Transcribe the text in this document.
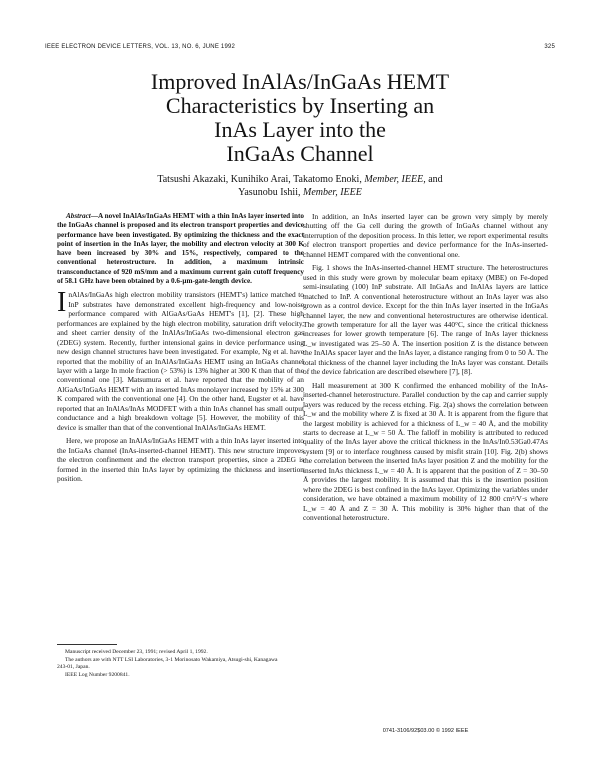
IEEE ELECTRON DEVICE LETTERS, VOL. 13, NO. 6, JUNE 1992	325
Improved InAlAs/InGaAs HEMT
Characteristics by Inserting an
InAs Layer into the
InGaAs Channel
Tatsushi Akazaki, Kunihiko Arai, Takatomo Enoki, Member, IEEE, and
Yasunobu Ishii, Member, IEEE

Abstract—A novel InAlAs/InGaAs HEMT with a thin InAs layer inserted into the InGaAs channel is proposed and its electron transport properties and device performance have been investigated. By optimizing the thickness and the exact point of insertion in the InAs layer, the mobility and electron velocity at 300 K have been increased by 30% and 15%, respectively, compared to the conventional heterostructure. In addition, a maximum intrinsic transconductance of 920 mS/mm and a maximum current gain cutoff frequency of 58.1 GHz have been obtained by a 0.6-μm-gate-length device.

InAlAs/InGaAs high electron mobility transistors (HEMT's) lattice matched to InP substrates have demonstrated excellent high-frequency and low-noise performance compared with AlGaAs/GaAs HEMT's [1], [2]. These high performances are explained by the high electron mobility, saturation drift velocity, and sheet carrier density of the InAlAs/InGaAs two-dimensional electron gas (2DEG) system. Recently, further intensional gains in device performance using new design channel structures have been investigated. For example, Ng et al. have reported that the mobility of an InAlAs/InGaAs HEMT using an InGaAs channel layer with a large In mole fraction (> 53%) is 13% higher at 300 K than that of the conventional one [3]. Matsumura et al. have reported that the mobility of an AlGaAs/InGaAs HEMT with an inserted InAs monolayer increased by 15% at 300 K compared with the conventional one [4]. On the other hand, Eugster et al. have reported that an InAlAs/InAs MODFET with a thin InAs channel has small output conductance and a high breakdown voltage [5]. However, the mobility of this device is smaller than that of the conventional InAlAs/InGaAs HEMT.

Here, we propose an InAlAs/InGaAs HEMT with a thin InAs layer inserted into the InGaAs channel (InAs-inserted-channel HEMT). This new structure improves the electron confinement and the electron transport properties, since a 2DEG is formed in the inserted thin InAs layer by optimizing the thickness and insertion position.

Manuscript received December 23, 1991; revised April 1, 1992.

The authors are with NTT LSI Laboratories, 3-1 Morinosato Wakamiya, Atsugi-shi, Kanagawa 243-01, Japan.

IEEE Log Number 9200841.

In addition, an InAs inserted layer can be grown very simply by merely shutting off the Ga cell during the growth of InGaAs channel without any interruption of the deposition process. In this letter, we report experimental results of electron transport properties and device performance for the InAs-inserted-channel HEMT compared with the conventional one.

Fig. 1 shows the InAs-inserted-channel HEMT structure. The heterostructures used in this study were grown by molecular beam epitaxy (MBE) on Fe-doped semi-insulating (100) InP substrate. All InGaAs and InAlAs layers are lattice matched to InP. A conventional heterostructure without an InAs layer was also grown as a control device. Except for the thin InAs layer inserted in the InGaAs channel layer, the new and conventional heterostructures are otherwise identical. The growth temperature for all the layer was 440°C, since the critical thickness increases for lower growth temperature [6]. The range of InAs layer thickness L_w investigated was 25–50 Å. The insertion position Z is the distance between the InAlAs spacer layer and the InAs layer, a distance ranging from 0 to 50 Å. The total thickness of the channel layer including the InAs layer was constant. Details of the device fabrication are described elsewhere [7], [8].

Hall measurement at 300 K confirmed the enhanced mobility of the InAs-inserted-channel heterostructure. Parallel conduction by the cap and carrier supply layers was reduced by the recess etching. Fig. 2(a) shows the correlation between L_w and the mobility where Z is fixed at 30 Å. It is apparent from the figure that the largest mobility is achieved for a thickness of L_w = 40 Å, and the mobility starts to decrease at L_w = 50 Å. The falloff in mobility is attributed to reduced quality of the InAs layer above the critical thickness in the InAs/In0.53Ga0.47As system [9] or to interface roughness caused by misfit strain [10]. Fig. 2(b) shows the correlation between the inserted InAs layer position Z and the mobility for the inserted InAs thickness L_w = 40 Å. It is apparent that the position of Z = 30–50 Å provides the largest mobility. It is assumed that this is the insertion position where the 2DEG is best confined in the InAs layer. Optimizing the variables under consideration, we have obtained a maximum mobility of 12 800 cm²/V·s where L_w = 40 Å and Z = 30 Å. This mobility is 30% higher than that of the conventional heterostructure.

0741-3106/92$03.00 © 1992 IEEE
